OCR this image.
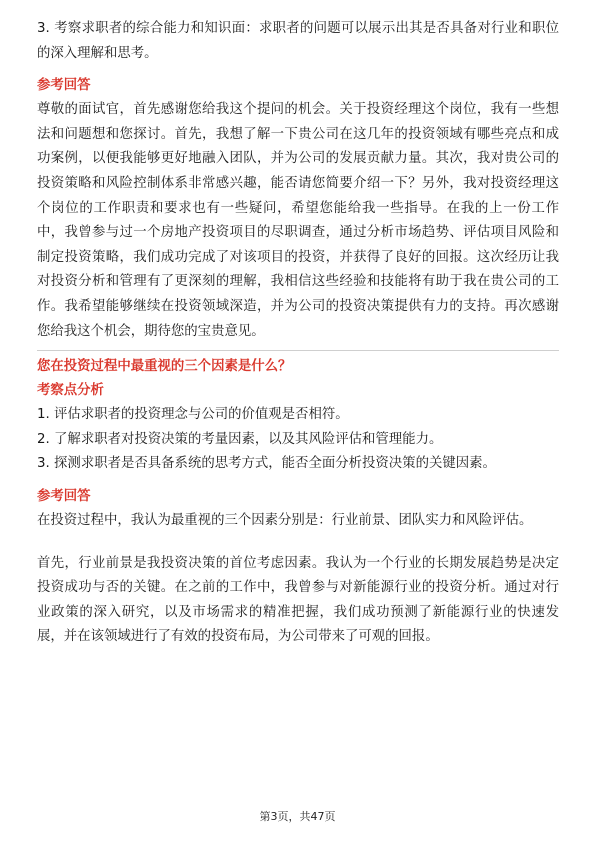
3. 考察求职者的综合能力和知识面：求职者的问题可以展示出其是否具备对行业和职位的深入理解和思考。

参考回答

尊敬的面试官，首先感谢您给我这个提问的机会。关于投资经理这个岗位，我有一些想法和问题想和您探讨。首先，我想了解一下贵公司在这几年的投资领域有哪些亮点和成功案例，以便我能够更好地融入团队，并为公司的发展贡献力量。其次，我对贵公司的投资策略和风险控制体系非常感兴趣，能否请您简要介绍一下？另外，我对投资经理这个岗位的工作职责和要求也有一些疑问，希望您能给我一些指导。在我的上一份工作中，我曾参与过一个房地产投资项目的尽职调查，通过分析市场趋势、评估项目风险和制定投资策略，我们成功完成了对该项目的投资，并获得了良好的回报。这次经历让我对投资分析和管理有了更深刻的理解，我相信这些经验和技能将有助于我在贵公司的工作。我希望能够继续在投资领域深造，并为公司的投资决策提供有力的支持。再次感谢您给我这个机会，期待您的宝贵意见。

您在投资过程中最重视的三个因素是什么？

考察点分析

1. 评估求职者的投资理念与公司的价值观是否相符。

2. 了解求职者对投资决策的考量因素，以及其风险评估和管理能力。

3. 探测求职者是否具备系统的思考方式，能否全面分析投资决策的关键因素。

参考回答

在投资过程中，我认为最重视的三个因素分别是：行业前景、团队实力和风险评估。

首先，行业前景是我投资决策的首位考虑因素。我认为一个行业的长期发展趋势是决定投资成功与否的关键。在之前的工作中，我曾参与对新能源行业的投资分析。通过对行业政策的深入研究，以及市场需求的精准把握，我们成功预测了新能源行业的快速发展，并在该领域进行了有效的投资布局，为公司带来了可观的回报。

第3页，共47页
